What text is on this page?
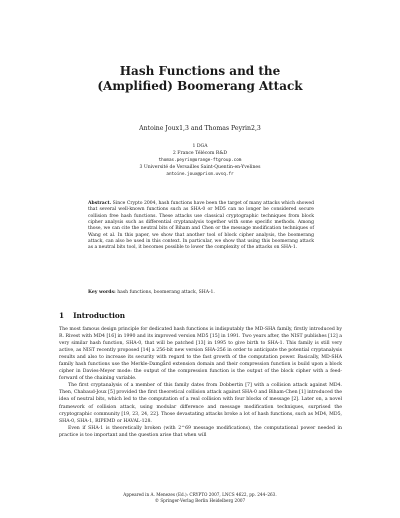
Hash Functions and the
(Amplified) Boomerang Attack
Antoine Joux1,3 and Thomas Peyrin2,3
1 DGA
2 France Télécom R&D
thomas.peyrin@orange-ftgroup.com
3 Université de Versailles Saint-Quentin-en-Yvelines
antoine.joux@prism.uvsq.fr

Abstract. Since Crypto 2004, hash functions have been the target of many attacks which showed that several well-known functions such as SHA-0 or MD5 can no longer be considered secure collision free hash functions. These attacks use classical cryptographic techniques from block cipher analysis such as differential cryptanalysis together with some specific methods. Among those, we can cite the neutral bits of Biham and Chen or the message modification techniques of Wang et al. In this paper, we show that another tool of block cipher analysis, the boomerang attack, can also be used in this context. In particular, we show that using this boomerang attack as a neutral bits tool, it becomes possible to lower the complexity of the attacks on SHA-1.

Key words: hash functions, boomerang attack, SHA-1.

1 Introduction

The most famous design principle for dedicated hash functions is indisputably the MD-SHA family, firstly introduced by R. Rivest with MD4 [16] in 1990 and its improved version MD5 [15] in 1991. Two years after, the NIST publishes [12] a very similar hash function, SHA-0, that will be patched [13] in 1995 to give birth to SHA-1. This family is still very active, as NIST recently proposed [14] a 256-bit new version SHA-256 in order to anticipate the potential cryptanalysis results and also to increase its security with regard to the fast growth of the computation power. Basically, MD-SHA family hash functions use the Merkle-Damgård extension domain and their compression function is build upon a block cipher in Davies-Meyer mode: the output of the compression function is the output of the block cipher with a feed-forward of the chaining variable.

The first cryptanalysis of a member of this family dates from Dobbertin [7] with a collision attack against MD4. Then, Chabaud-Joux [5] provided the first theoretical collision attack against SHA-0 and Biham-Chen [1] introduced the idea of neutral bits, which led to the computation of a real collision with four blocks of message [2]. Later on, a novel framework of collision attack, using modular difference and message modification techniques, surprised the cryptographic community [19, 23, 24, 22]. Those devastating attacks broke a lot of hash functions, such as MD4, MD5, SHA-0, SHA-1, RIPEMD or HAVAL-128.

Even if SHA-1 is theoretically broken (with 2^69 message modifications), the computational power needed in practice is too important and the question arise that when will

Appeared in A. Menezes (Ed.): CRYPTO 2007, LNCS 4622, pp. 244–263.
© Springer-Verlag Berlin Heidelberg 2007
